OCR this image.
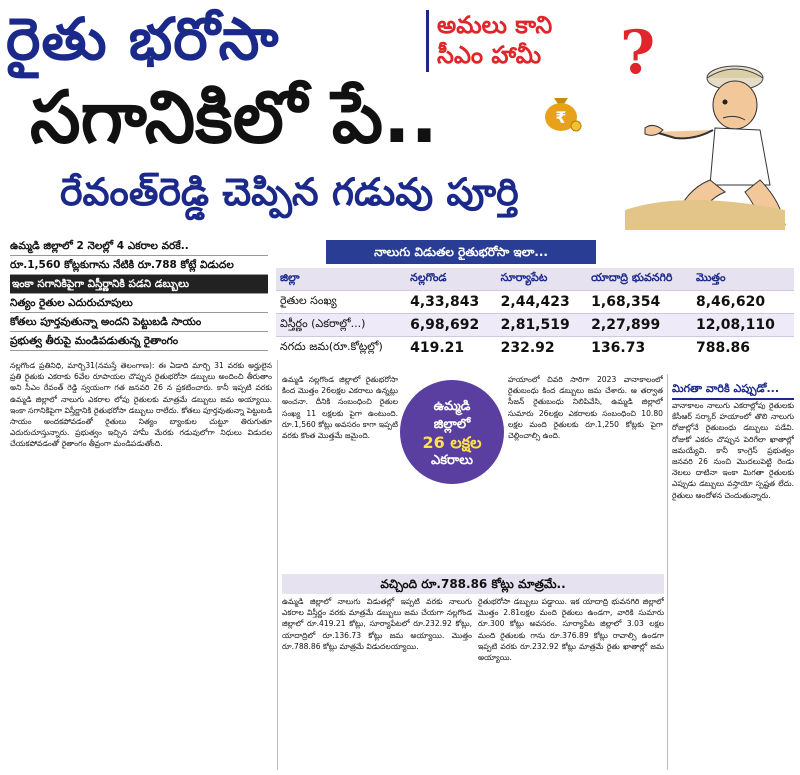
రైతు భరోసా
సగానికిలో పే..
రేవంత్‌రెడ్డి చెప్పిన గడువు పూర్తి
అమలు కాని
సీఎం హామీ	?
₹
ఉమ్మడి జిల్లాలో 2 నెలల్లో 4 ఎకరాల వరకే..
రూ.1,560 కోట్లకుగాను నేటికి రూ.788 కోట్లే విడుదల
ఇంకా సగానికిపైగా విస్తీర్ణానికి పడని డబ్బులు
నిత్యం రైతుల ఎదురుచూపులు
కోతలు పూర్తవుతున్నా అందని పెట్టుబడి సాయం
ప్రభుత్వ తీరుపై మండిపడుతున్న రైతాంగం
నాలుగు విడుతల రైతుభరోసా ఇలా...
జిల్లా	నల్లగొండ	సూర్యాపేట	యాదాద్రి భువనగిరి	మొత్తం
రైతుల సంఖ్య	4,33,843	2,44,423	1,68,354	8,46,620
విస్తీర్ణం (ఎకరాల్లో...)	6,98,692	2,81,519	2,27,899	12,08,110
నగదు జమ(రూ.కోట్లల్లో)	419.21	232.92	136.73	788.86
నల్లగొండ ప్రతినిధి, మార్చి31(నమస్తే తెలంగాణ): ఈ ఏడాది మార్చి 31 వరకు అర్హులైన ప్రతి రైతుకు ఎకరాకు 6వేల రూపాయల చొప్పున రైతుభరోసా డబ్బులు అందించి తీరుతాం అని సీఎం రేవంత్ రెడ్డి స్వయంగా గత జనవరి 26 న ప్రకటించారు. కానీ ఇప్పటి వరకు ఉమ్మడి జిల్లాలో నాలుగు ఎకరాల లోపు రైతులకు మాత్రమే డబ్బులు జమ అయ్యాయి. ఇంకా సగానికిపైగా విస్తీర్ణానికి రైతుభరోసా డబ్బులు రాలేదు. కోతలు పూర్తవుతున్నా పెట్టుబడి సాయం అందకపోవడంతో రైతులు నిత్యం బ్యాంకుల చుట్టూ తిరుగుతూ ఎదురుచూస్తున్నారు. ప్రభుత్వం ఇచ్చిన హామీ మేరకు గడువులోగా నిధులు విడుదల చేయకపోవడంతో రైతాంగం తీవ్రంగా మండిపడుతోంది.
ఉమ్మడి నల్లగొండ జిల్లాలో రైతుభరోసా కింద మొత్తం 26లక్షల ఎకరాలు ఉన్నట్లు అంచనా. దీనికి సంబంధించి రైతుల సంఖ్య 11 లక్షలకు పైగా ఉంటుంది. రూ.1,560 కోట్లు అవసరం కాగా ఇప్పటి వరకు కొంత మొత్తమే జమైంది.
ఉమ్మడి
జిల్లాలో
26 లక్షల
ఎకరాలు
హయాంలో చివరి సారిగా 2023 వానాకాలంలో రైతుబంధు కింద డబ్బులు జమ చేశారు. ఆ తర్వాత సీజన్ రైతుబంధు నిలిపివేసి, ఉమ్మడి జిల్లాలో సుమారు 26లక్షల ఎకరాలకు సంబంధించి 10.80 లక్షల మంది రైతులకు రూ.1,250 కోట్లకు పైగా చెల్లించాల్సి ఉంది.
మిగతా వారికి ఎప్పుడో...
వానాకాలం నాలుగు ఎకరాల్లోపు రైతులకు కేసీఆర్ సర్కార్ హయాంలో తొలి నాలుగు రోజుల్లోనే రైతుబంధు డబ్బులు పడేవి. రోజుకో ఎకరం చొప్పున పెరిగేలా ఖాతాల్లో జమయ్యేవి. కానీ కాంగ్రెస్ ప్రభుత్వం జనవరి 26 నుంచి మొదలుపెట్టి రెండు నెలలు దాటినా ఇంకా మిగతా రైతులకు ఎప్పుడు డబ్బులు వస్తాయో స్పష్టత లేదు. రైతులు ఆందోళన చెందుతున్నారు.
వచ్చింది రూ.788.86 కోట్లు మాత్రమే..
ఉమ్మడి జిల్లాలో నాలుగు విడుతల్లో ఇప్పటి వరకు నాలుగు ఎకరాల విస్తీర్ణం వరకు మాత్రమే డబ్బులు జమ చేయగా నల్లగొండ జిల్లాలో రూ.419.21 కోట్లు, సూర్యాపేటలో రూ.232.92 కోట్లు, యాదాద్రిలో రూ.136.73 కోట్లు జమ అయ్యాయి. మొత్తం రూ.788.86 కోట్లు మాత్రమే విడుదలయ్యాయి.
రైతుభరోసా డబ్బులు పడ్డాయి. ఇక యాదాద్రి భువనగిరి జిల్లాలో మొత్తం 2.81లక్షల మంది రైతులు ఉండగా, వారికి సుమారు రూ.300 కోట్లు అవసరం. సూర్యాపేట జిల్లాలో 3.03 లక్షల మంది రైతులకు గాను రూ.376.89 కోట్లు రావాల్సి ఉండగా ఇప్పటి వరకు రూ.232.92 కోట్లు మాత్రమే రైతు ఖాతాల్లో జమ అయ్యాయి.
